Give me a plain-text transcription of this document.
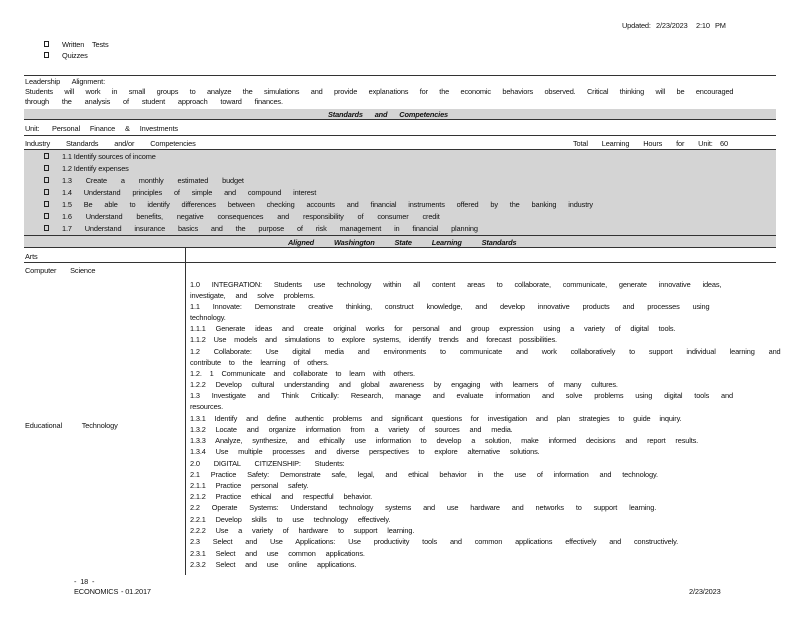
Updated: 2/23/2023 2:10 PM
Written Tests
Quizzes
Leadership Alignment:
Students will work in small groups to analyze the simulations and provide explanations for the economic behaviors observed. Critical thinking will be encouraged
through the analysis of student approach toward finances.
Standards and Competencies
Unit: Personal Finance & Investments
Industry Standards and/or Competencies	Total Learning Hours for Unit: 60
1.1 Identify sources of income
1.2 Identify expenses
1.3 Create a monthly estimated budget
1.4 Understand principles of simple and compound interest
1.5 Be able to identify differences between checking accounts and financial instruments offered by the banking industry
1.6 Understand benefits, negative consequences and responsibility of consumer credit
1.7 Understand insurance basics and the purpose of risk management in financial planning
Aligned Washington State Learning Standards
Arts
Computer Science
Educational Technology
1.0 INTEGRATION: Students use technology within all content areas to collaborate, communicate, generate innovative ideas,
investigate, and solve problems.
1.1 Innovate: Demonstrate creative thinking, construct knowledge, and develop innovative products and processes using
technology.
1.1.1 Generate ideas and create original works for personal and group expression using a variety of digital tools.
1.1.2 Use models and simulations to explore systems, identify trends and forecast possibilities.
1.2 Collaborate: Use digital media and environments to communicate and work collaboratively to support individual learning and
contribute to the learning of others.
1.2. 1 Communicate and collaborate to learn with others.
1.2.2 Develop cultural understanding and global awareness by engaging with learners of many cultures.
1.3 Investigate and Think Critically: Research, manage and evaluate information and solve problems using digital tools and
resources.
1.3.1 Identify and define authentic problems and significant questions for investigation and plan strategies to guide inquiry.
1.3.2 Locate and organize information from a variety of sources and media.
1.3.3 Analyze, synthesize, and ethically use information to develop a solution, make informed decisions and report results.
1.3.4 Use multiple processes and diverse perspectives to explore alternative solutions.
2.0 DIGITAL CITIZENSHIP: Students:
2.1 Practice Safety: Demonstrate safe, legal, and ethical behavior in the use of information and technology.
2.1.1 Practice personal safety.
2.1.2 Practice ethical and respectful behavior.
2.2 Operate Systems: Understand technology systems and use hardware and networks to support learning.
2.2.1 Develop skills to use technology effectively.
2.2.2 Use a variety of hardware to support learning.
2.3 Select and Use Applications: Use productivity tools and common applications effectively and constructively.
2.3.1 Select and use common applications.
2.3.2 Select and use online applications.
- 18 -
ECONOMICS - 01.2017	2/23/2023
